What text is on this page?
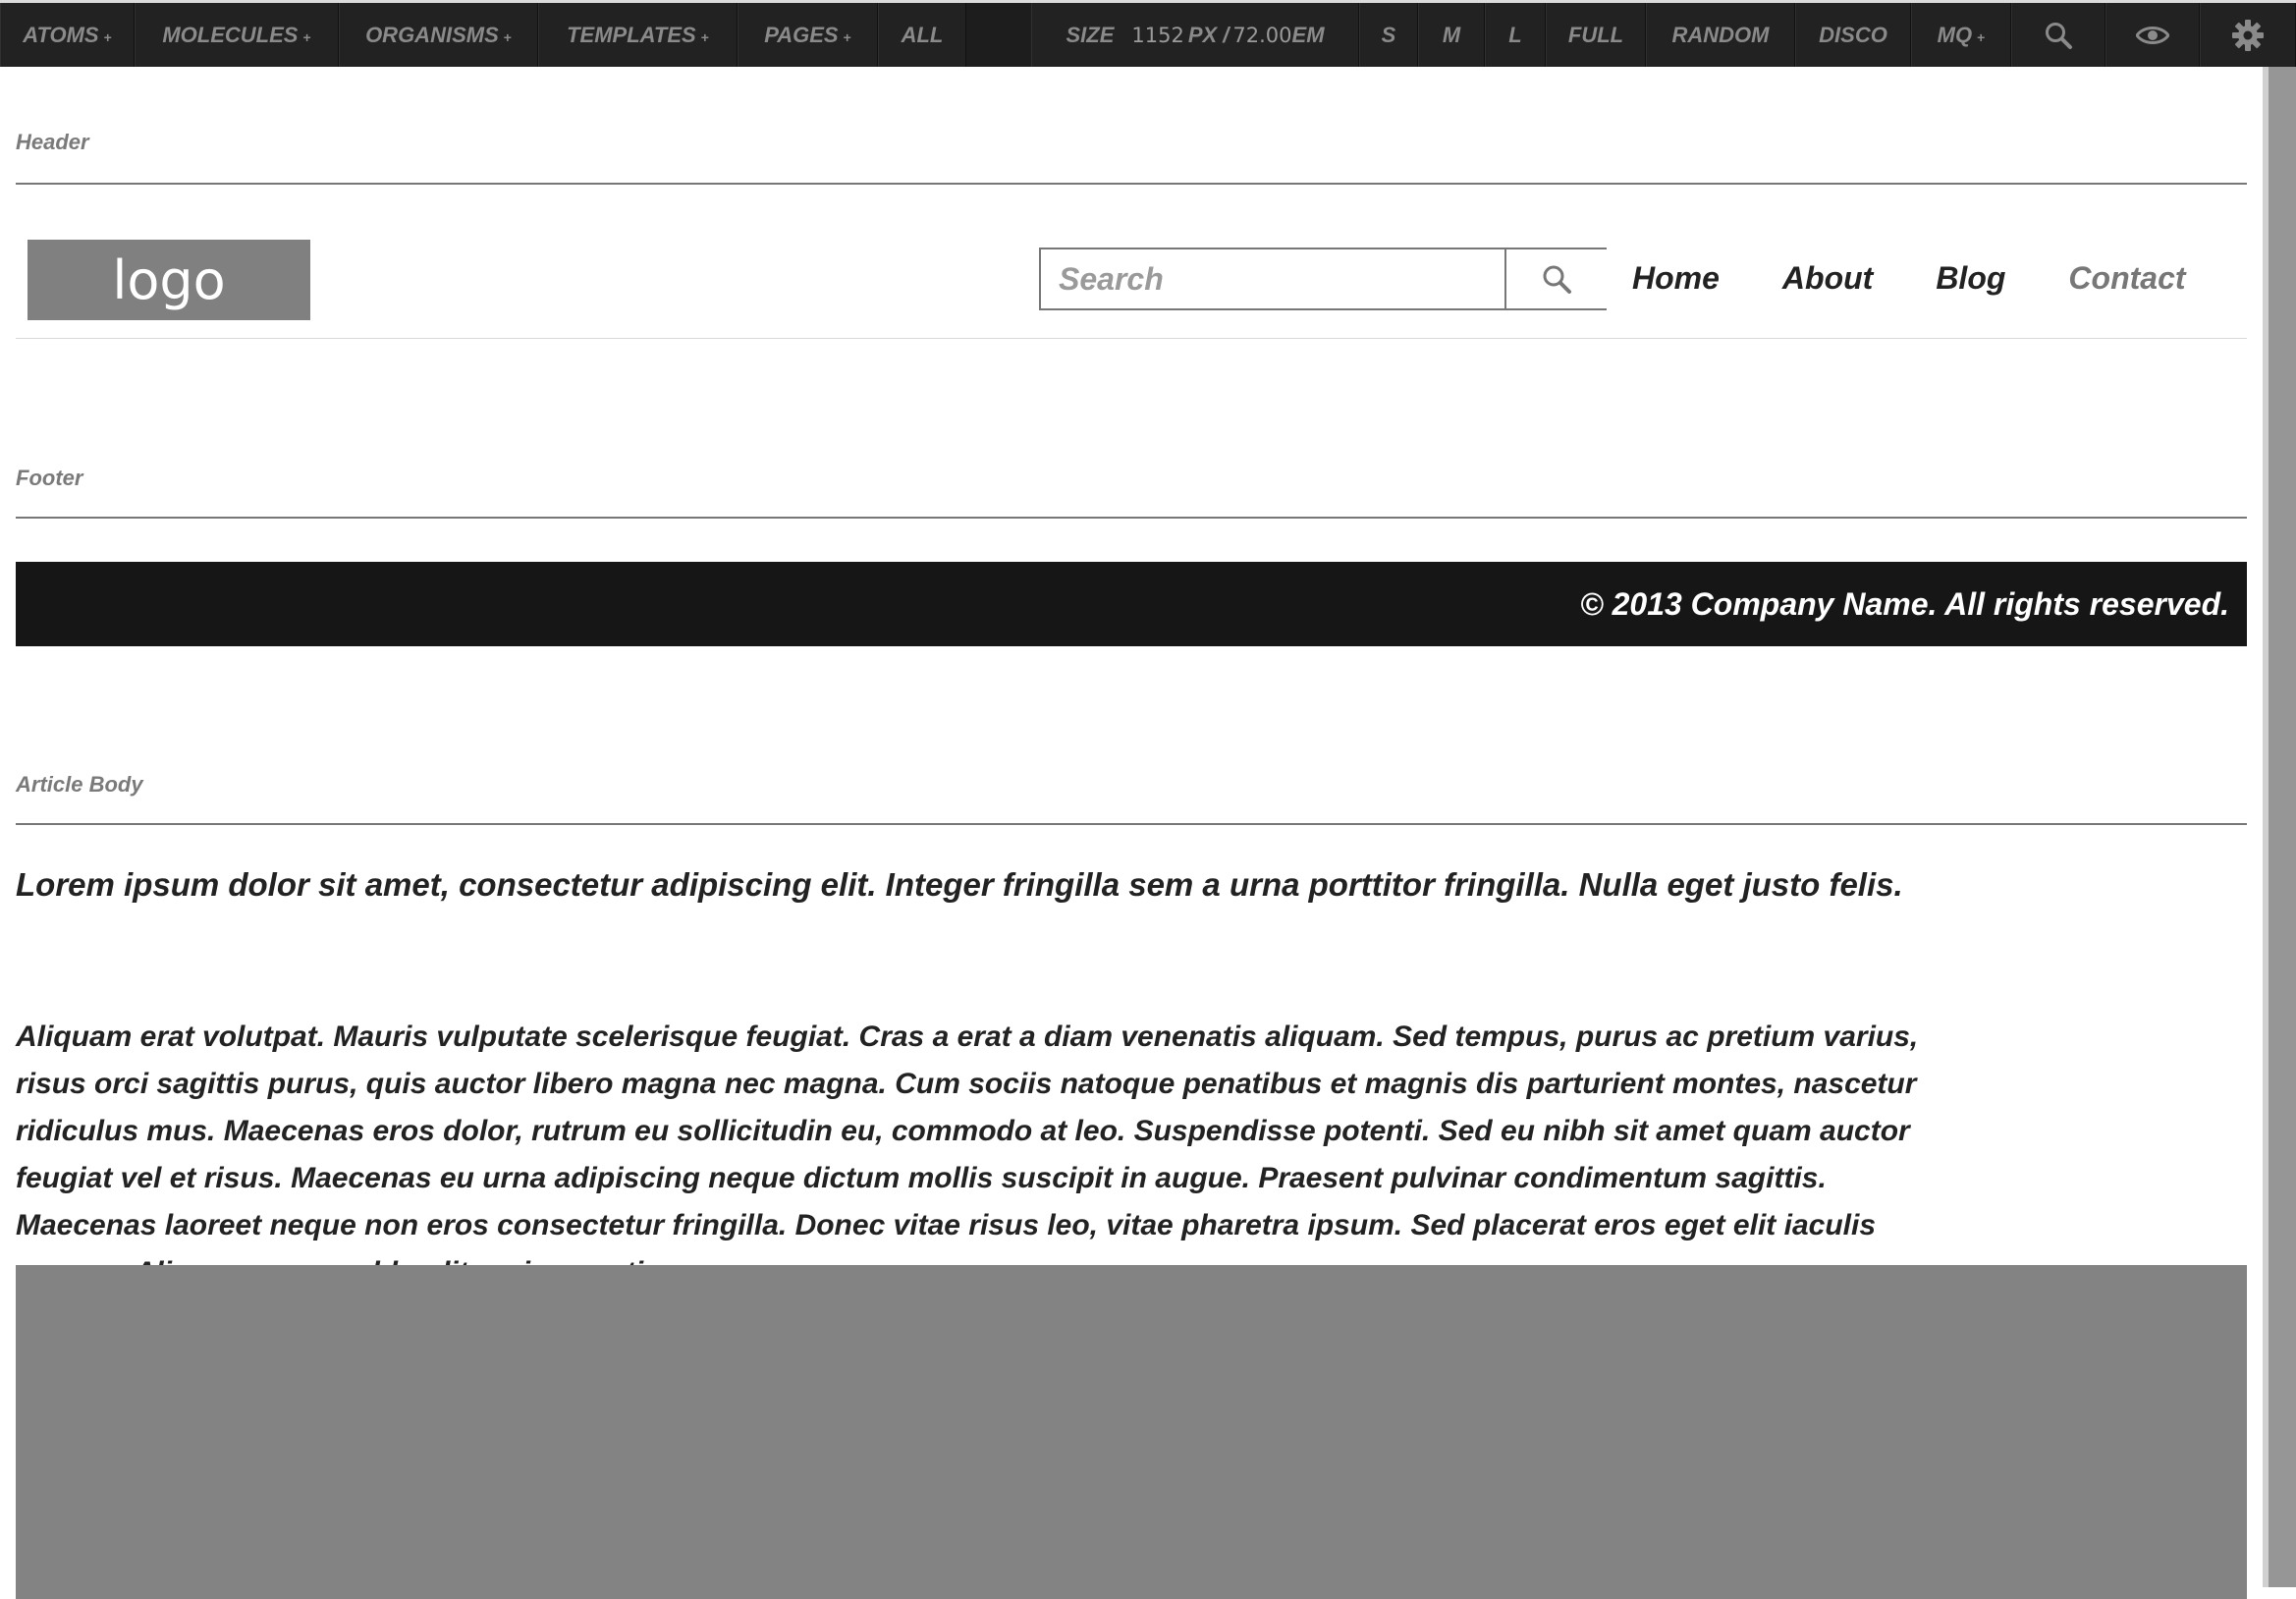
ATOMS + MOLECULES +	ORGANISMS +	TEMPLATES +	PAGES + ALL	SIZE 1152 PX / 72.00 EM	S M L FULL RANDOM DISCO MQ +
Header
logo
Search	Home About Blog Contact
Footer
© 2013 Company Name. All rights reserved.
Article Body
Lorem ipsum dolor sit amet, consectetur adipiscing elit. Integer fringilla sem a urna porttitor fringilla. Nulla eget justo felis.

Aliquam erat volutpat. Mauris vulputate scelerisque feugiat. Cras a erat a diam venenatis aliquam. Sed tempus, purus ac pretium varius,
risus orci sagittis purus, quis auctor libero magna nec magna. Cum sociis natoque penatibus et magnis dis parturient montes, nascetur
ridiculus mus. Maecenas eros dolor, rutrum eu sollicitudin eu, commodo at leo. Suspendisse potenti. Sed eu nibh sit amet quam auctor
feugiat vel et risus. Maecenas eu urna adipiscing neque dictum mollis suscipit in augue. Praesent pulvinar condimentum sagittis.
Maecenas laoreet neque non eros consectetur fringilla. Donec vitae risus leo, vitae pharetra ipsum. Sed placerat eros eget elit iaculis
